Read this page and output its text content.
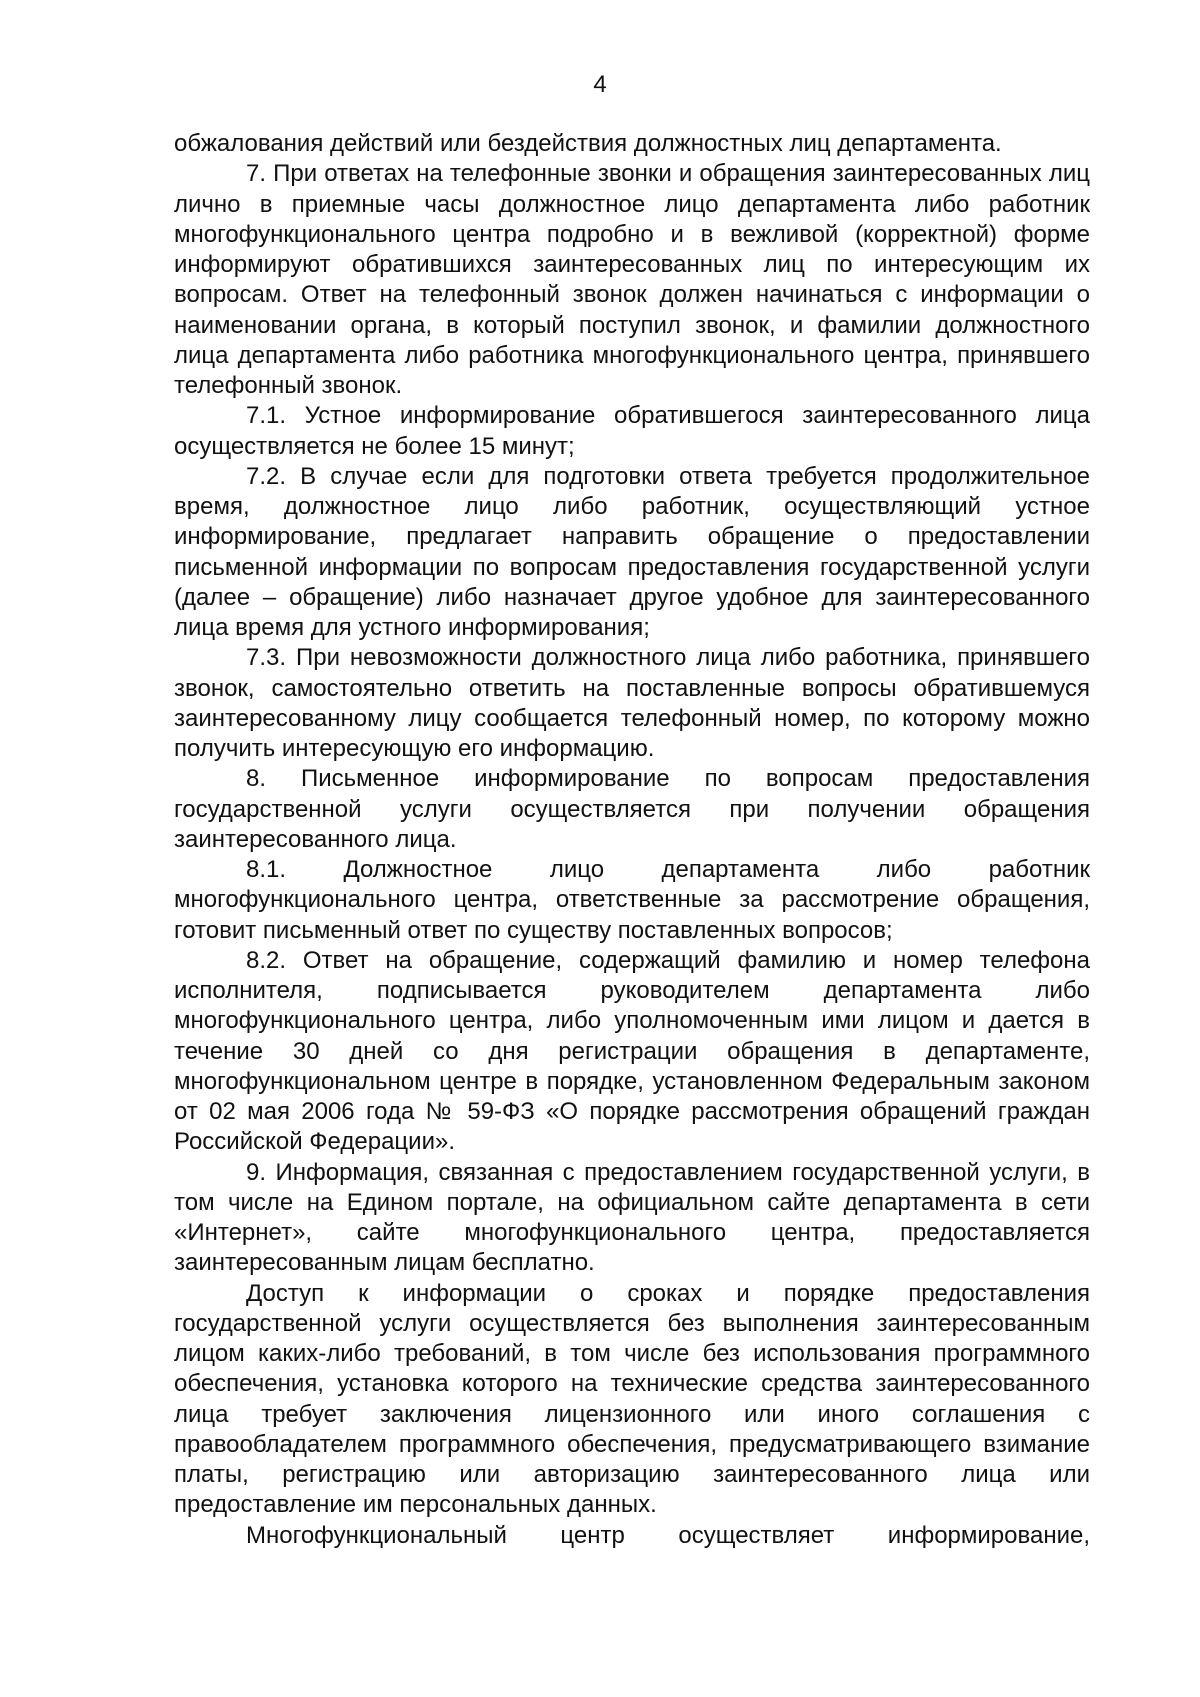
4

обжалования действий или бездействия должностных лиц департамента.

7. При ответах на телефонные звонки и обращения заинтересованных лиц лично в приемные часы должностное лицо департамента либо работник многофункционального центра подробно и в вежливой (корректной) форме информируют обратившихся заинтересованных лиц по интересующим их вопросам. Ответ на телефонный звонок должен начинаться с информации о наименовании органа, в который поступил звонок, и фамилии должностного лица департамента либо работника многофункционального центра, принявшего телефонный звонок.

7.1. Устное информирование обратившегося заинтересованного лица осуществляется не более 15 минут;

7.2. В случае если для подготовки ответа требуется продолжительное время, должностное лицо либо работник, осуществляющий устное информирование, предлагает направить обращение о предоставлении письменной информации по вопросам предоставления государственной услуги (далее – обращение) либо назначает другое удобное для заинтересованного лица время для устного информирования;

7.3. При невозможности должностного лица либо работника, принявшего звонок, самостоятельно ответить на поставленные вопросы обратившемуся заинтересованному лицу сообщается телефонный номер, по которому можно получить интересующую его информацию.

8. Письменное информирование по вопросам предоставления государственной услуги осуществляется при получении обращения заинтересованного лица.

8.1. Должностное лицо департамента либо работник многофункционального центра, ответственные за рассмотрение обращения, готовит письменный ответ по существу поставленных вопросов;

8.2. Ответ на обращение, содержащий фамилию и номер телефона исполнителя, подписывается руководителем департамента либо многофункционального центра, либо уполномоченным ими лицом и дается в течение 30 дней со дня регистрации обращения в департаменте, многофункциональном центре в порядке, установленном Федеральным законом от 02 мая 2006 года № 59-ФЗ «О порядке рассмотрения обращений граждан Российской Федерации».

9. Информация, связанная с предоставлением государственной услуги, в том числе на Едином портале, на официальном сайте департамента в сети «Интернет», сайте многофункционального центра, предоставляется заинтересованным лицам бесплатно.

Доступ к информации о сроках и порядке предоставления государственной услуги осуществляется без выполнения заинтересованным лицом каких-либо требований, в том числе без использования программного обеспечения, установка которого на технические средства заинтересованного лица требует заключения лицензионного или иного соглашения с правообладателем программного обеспечения, предусматривающего взимание платы, регистрацию или авторизацию заинтересованного лица или предоставление им персональных данных.

Многофункциональный центр осуществляет информирование,
